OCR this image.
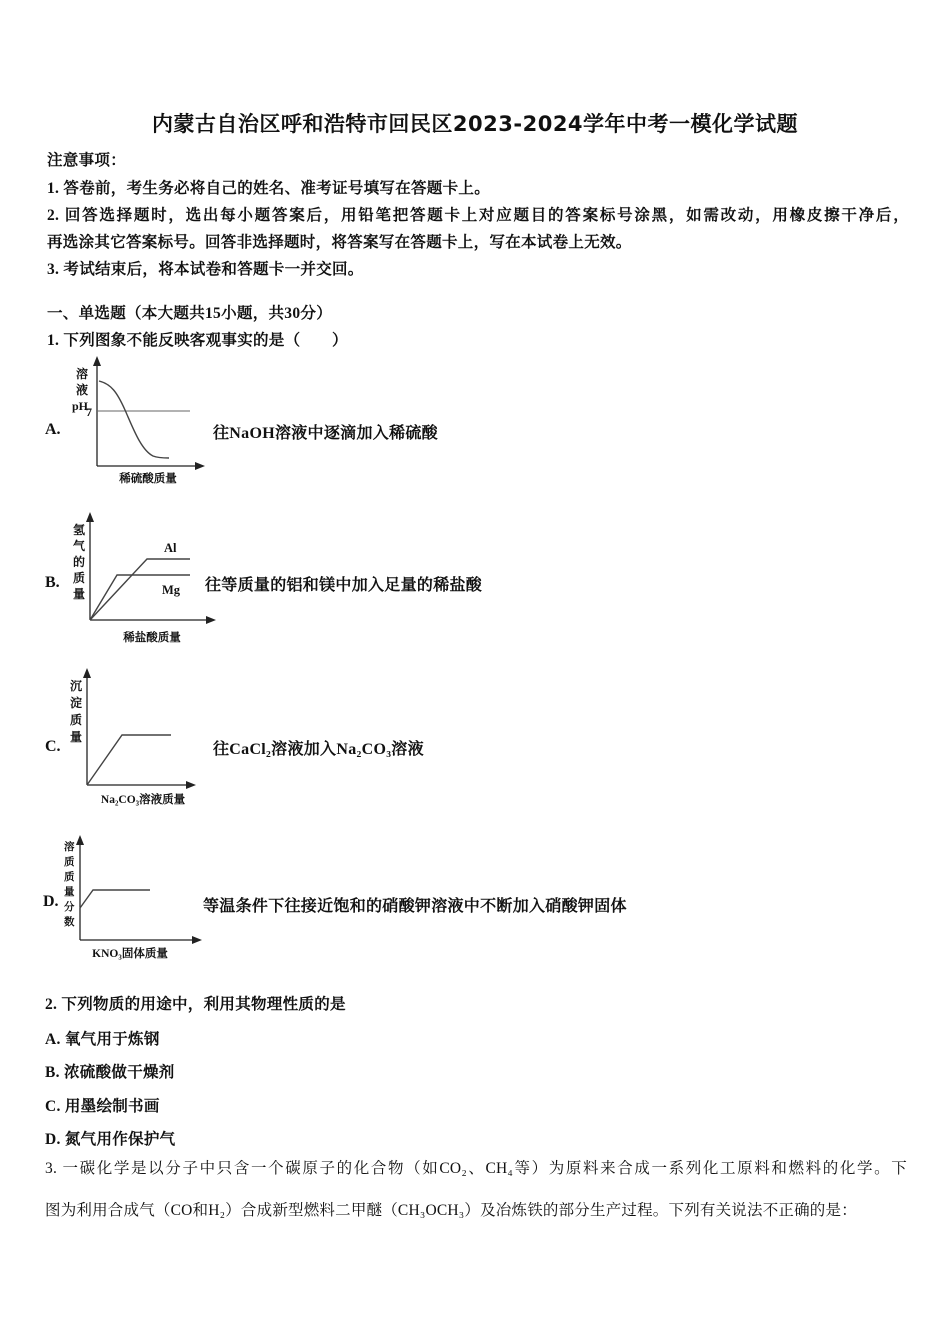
内蒙古自治区呼和浩特市回民区2023-2024学年中考一模化学试题
注意事项：
1. 答卷前，考生务必将自己的姓名、准考证号填写在答题卡上。
2. 回答选择题时，选出每小题答案后，用铅笔把答题卡上对应题目的答案标号涂黑，如需改动，用橡皮擦干净后，
再选涂其它答案标号。回答非选择题时，将答案写在答题卡上，写在本试卷上无效。
3. 考试结束后，将本试卷和答题卡一并交回。
一、单选题（本大题共15小题，共30分）
1. 下列图象不能反映客观事实的是（　　）
A.
溶
液
pH
7
稀硫酸质量
往NaOH溶液中逐滴加入稀硫酸
B.
Al
Mg
氢
气
的
质
量
稀盐酸质量
往等质量的铝和镁中加入足量的稀盐酸
C.
沉
淀
质
量
Na₂CO₃溶液质量
往CaCl₂溶液加入Na₂CO₃溶液
D.
溶
质
质
量
分
数
KNO₃固体质量
等温条件下往接近饱和的硝酸钾溶液中不断加入硝酸钾固体
2. 下列物质的用途中，利用其物理性质的是
A. 氧气用于炼钢
B. 浓硫酸做干燥剂
C. 用墨绘制书画
D. 氮气用作保护气
3. 一碳化学是以分子中只含一个碳原子的化合物（如CO₂、CH₄等）为原料来合成一系列化工原料和燃料的化学。下
图为利用合成气（CO和H₂）合成新型燃料二甲醚（CH₃OCH₃）及冶炼铁的部分生产过程。下列有关说法不正确的是：
